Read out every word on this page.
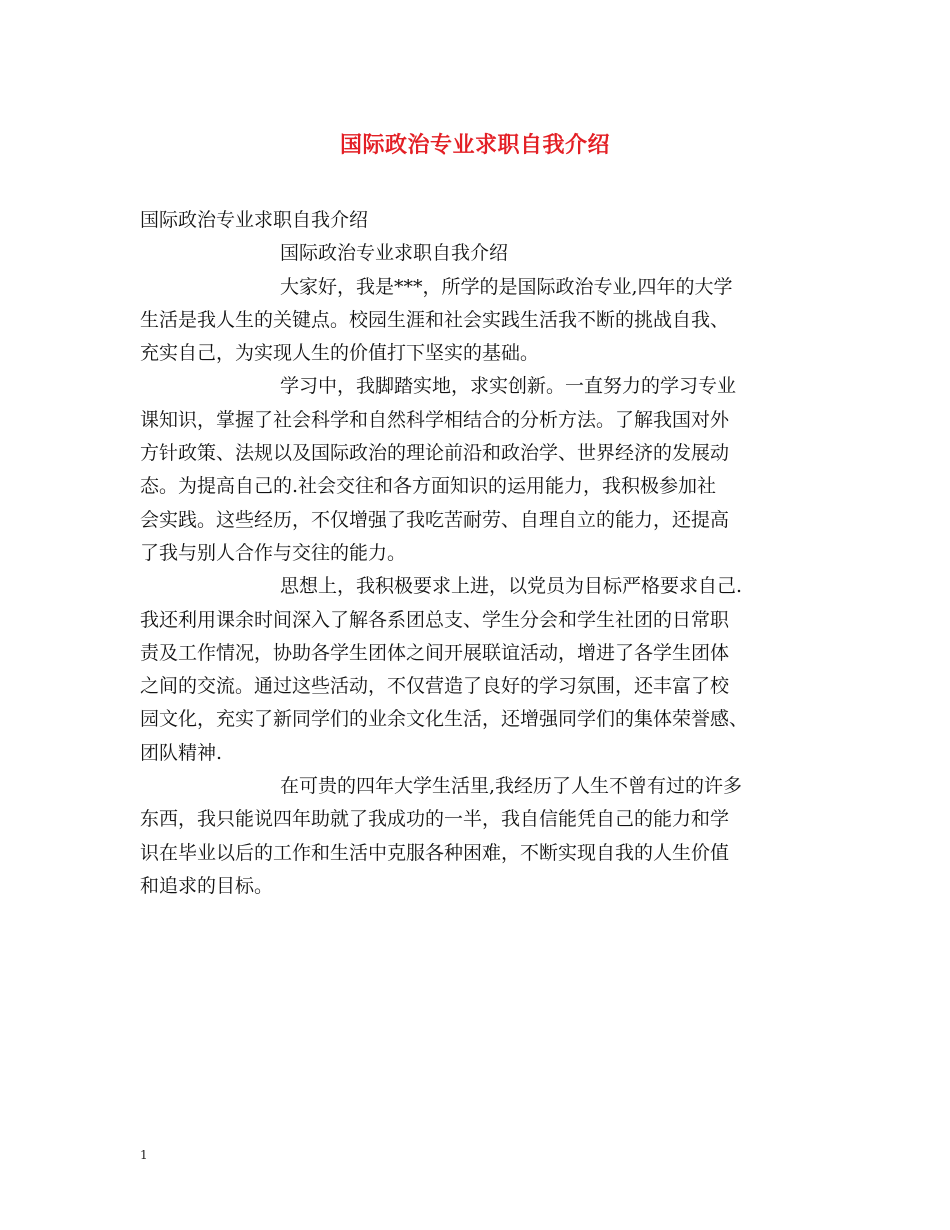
国际政治专业求职自我介绍
国际政治专业求职自我介绍
国际政治专业求职自我介绍
大家好，我是***，所学的是国际政治专业,四年的大学
生活是我人生的关键点。校园生涯和社会实践生活我不断的挑战自我、
充实自己，为实现人生的价值打下坚实的基础。
学习中，我脚踏实地，求实创新。一直努力的学习专业
课知识，掌握了社会科学和自然科学相结合的分析方法。了解我国对外
方针政策、法规以及国际政治的理论前沿和政治学、世界经济的发展动
态。为提高自己的.社会交往和各方面知识的运用能力，我积极参加社
会实践。这些经历，不仅增强了我吃苦耐劳、自理自立的能力，还提高
了我与别人合作与交往的能力。
思想上，我积极要求上进，以党员为目标严格要求自己.
我还利用课余时间深入了解各系团总支、学生分会和学生社团的日常职
责及工作情况，协助各学生团体之间开展联谊活动，增进了各学生团体
之间的交流。通过这些活动，不仅营造了良好的学习氛围，还丰富了校
园文化，充实了新同学们的业余文化生活，还增强同学们的集体荣誉感、
团队精神.
在可贵的四年大学生活里,我经历了人生不曾有过的许多
东西，我只能说四年助就了我成功的一半，我自信能凭自己的能力和学
识在毕业以后的工作和生活中克服各种困难，不断实现自我的人生价值
和追求的目标。
1
